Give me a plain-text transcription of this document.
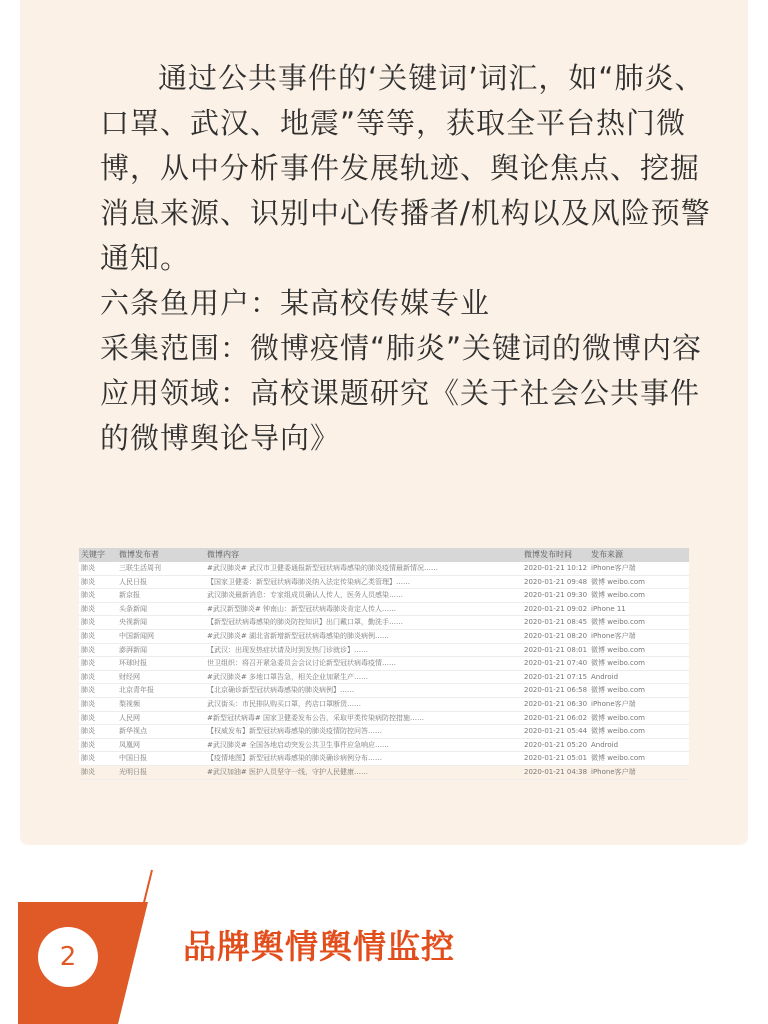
通过公共事件的‘关键词’词汇，如“肺炎、口罩、武汉、地震”等等，获取全平台热门微博，从中分析事件发展轨迹、舆论焦点、挖掘消息来源、识别中心传播者/机构以及风险预警通知。

六条鱼用户：某高校传媒专业

采集范围：微博疫情“肺炎”关键词的微博内容

应用领域：高校课题研究《关于社会公共事件的微博舆论导向》

关键字	微博发布者	微博内容	微博发布时间	发布来源
肺炎	三联生活周刊	#武汉肺炎# 武汉市卫健委通报新型冠状病毒感染的肺炎疫情最新情况……	2020-01-21 10:12 iPhone客户端
肺炎	人民日报	【国家卫健委：新型冠状病毒肺炎纳入法定传染病乙类管理】……	2020-01-21 09:48 微博 weibo.com
肺炎	新京报	武汉肺炎最新消息：专家组成员确认人传人，医务人员感染……	2020-01-21 09:30 微博 weibo.com
肺炎	头条新闻	#武汉新型肺炎# 钟南山：新型冠状病毒肺炎肯定人传人……	2020-01-21 09:02 iPhone 11
肺炎	央视新闻	【新型冠状病毒感染的肺炎防控知识】出门戴口罩，勤洗手……	2020-01-21 08:45 微博 weibo.com
肺炎	中国新闻网	#武汉肺炎# 湖北省新增新型冠状病毒感染的肺炎病例……	2020-01-21 08:20 iPhone客户端
肺炎	澎湃新闻	【武汉：出现发热症状请及时到发热门诊就诊】……	2020-01-21 08:01 微博 weibo.com
肺炎	环球时报	世卫组织：将召开紧急委员会会议讨论新型冠状病毒疫情……	2020-01-21 07:40 微博 weibo.com
肺炎	财经网	#武汉肺炎# 多地口罩告急，相关企业加紧生产……	2020-01-21 07:15 Android
肺炎	北京青年报	【北京确诊新型冠状病毒感染的肺炎病例】……	2020-01-21 06:58 微博 weibo.com
肺炎	梨视频	武汉街头：市民排队购买口罩，药店口罩断货……	2020-01-21 06:30 iPhone客户端
肺炎	人民网	#新型冠状病毒# 国家卫健委发布公告，采取甲类传染病防控措施……	2020-01-21 06:02 微博 weibo.com
肺炎	新华视点	【权威发布】新型冠状病毒感染的肺炎疫情防控问答……	2020-01-21 05:44 微博 weibo.com
肺炎	凤凰网	#武汉肺炎# 全国各地启动突发公共卫生事件应急响应……	2020-01-21 05:20 Android
肺炎	中国日报	【疫情地图】新型冠状病毒感染的肺炎确诊病例分布……	2020-01-21 05:01 微博 weibo.com
肺炎	光明日报	#武汉加油# 医护人员坚守一线，守护人民健康……	2020-01-21 04:38 iPhone客户端
2	品牌舆情舆情监控
